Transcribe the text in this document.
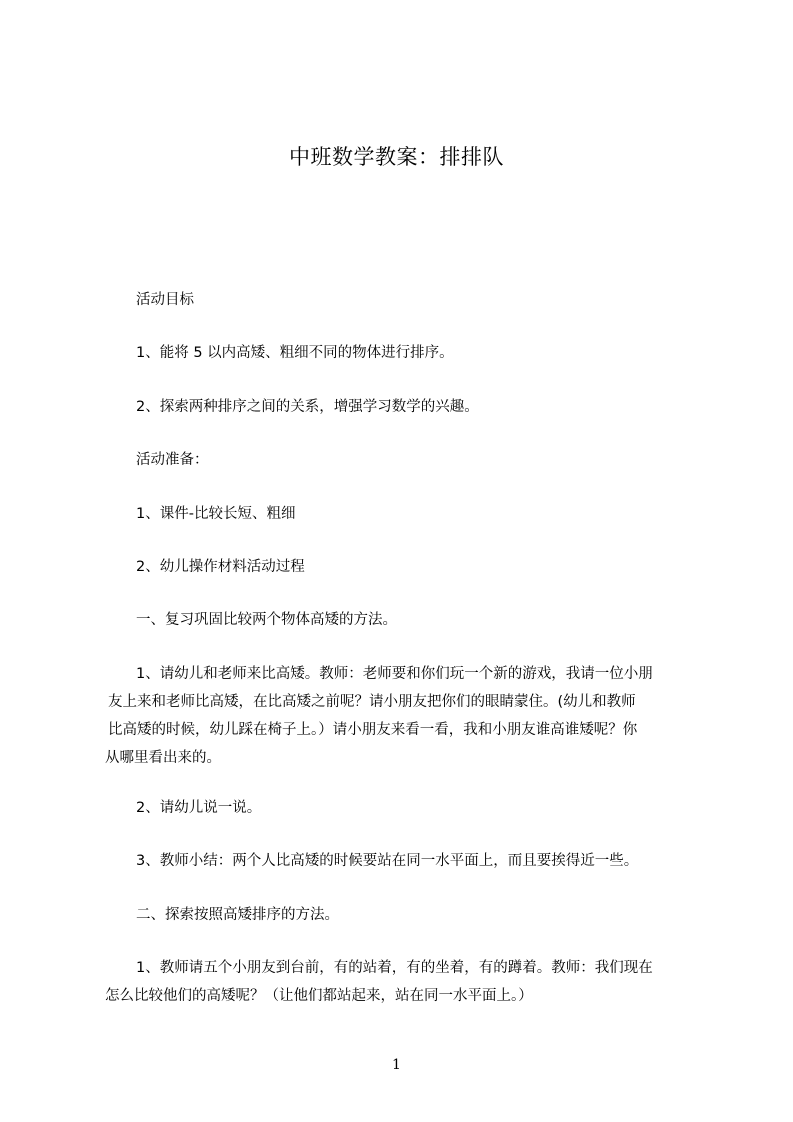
中班数学教案：排排队

活动目标

1、能将 5 以内高矮、粗细不同的物体进行排序。

2、探索两种排序之间的关系，增强学习数学的兴趣。

活动准备：

1、课件-比较长短、粗细

2、幼儿操作材料活动过程

一、复习巩固比较两个物体高矮的方法。

1、请幼儿和老师来比高矮。教师：老师要和你们玩一个新的游戏，我请一位小朋
友上来和老师比高矮，在比高矮之前呢？请小朋友把你们的眼睛蒙住。(幼儿和教师
比高矮的时候，幼儿踩在椅子上。）请小朋友来看一看，我和小朋友谁高谁矮呢？你
从哪里看出来的。

2、请幼儿说一说。

3、教师小结：两个人比高矮的时候要站在同一水平面上，而且要挨得近一些。

二、探索按照高矮排序的方法。

1、教师请五个小朋友到台前，有的站着，有的坐着，有的蹲着。教师：我们现在
怎么比较他们的高矮呢？（让他们都站起来，站在同一水平面上。）
1
